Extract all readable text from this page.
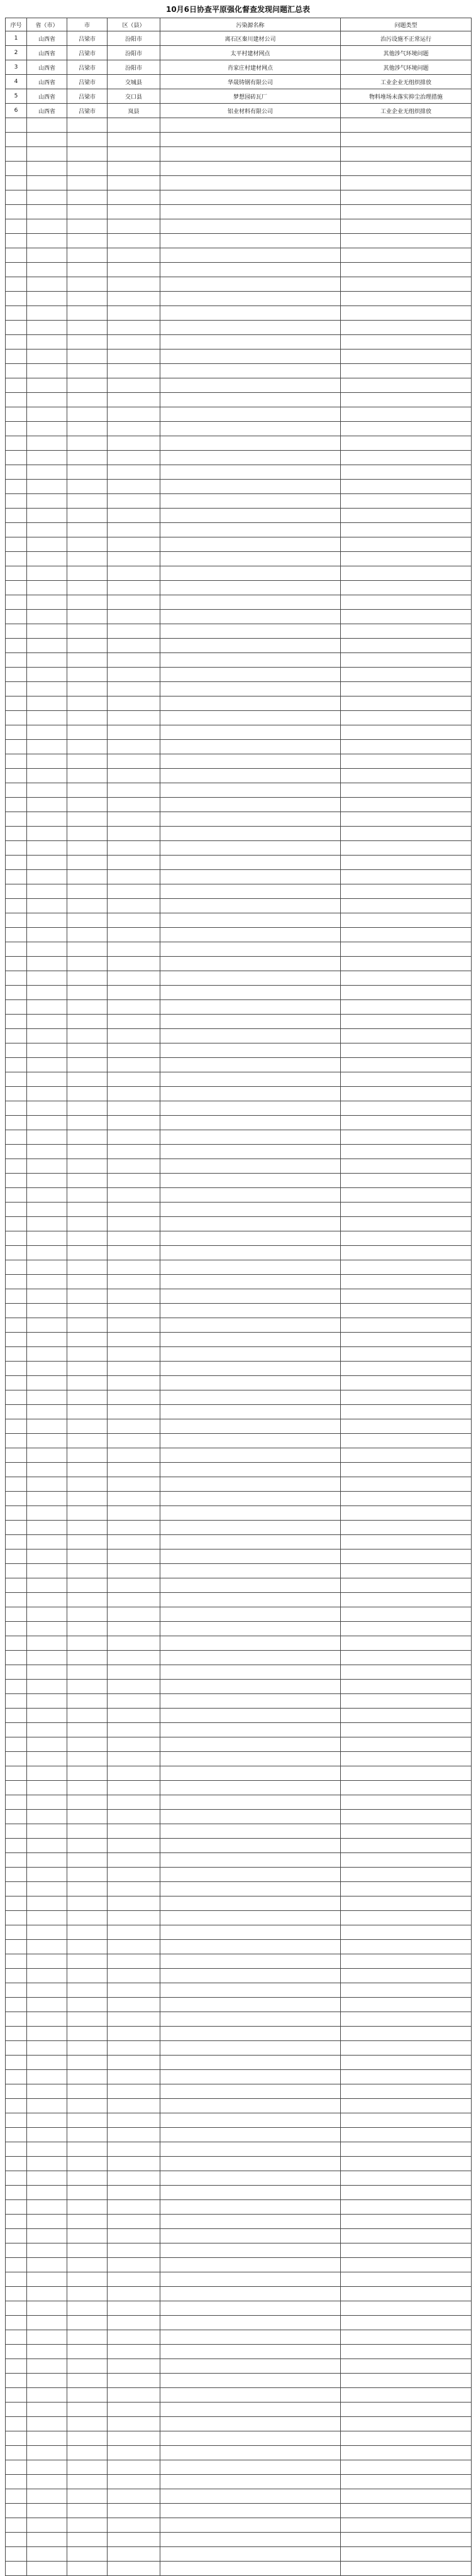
10月6日协查平原强化督查发现问题汇总表
序号	省（市）	市	区（县）	污染源名称	问题类型
1	山西省	吕梁市	汾阳市	离石区秦川建材公司	治污设施不正常运行
2	山西省	吕梁市	汾阳市	太平村建材网点	其他涉气环境问题
3	山西省	吕梁市	汾阳市	肖家庄村建材网点	其他涉气环境问题
4	山西省	吕梁市	交城县	华晟铸钢有限公司	工业企业无组织排放
5	山西省	吕梁市	交口县	梦想园砖瓦厂	物料堆场未落实抑尘治理措施
6	山西省	吕梁市	岚县	铝业材料有限公司	工业企业无组织排放
